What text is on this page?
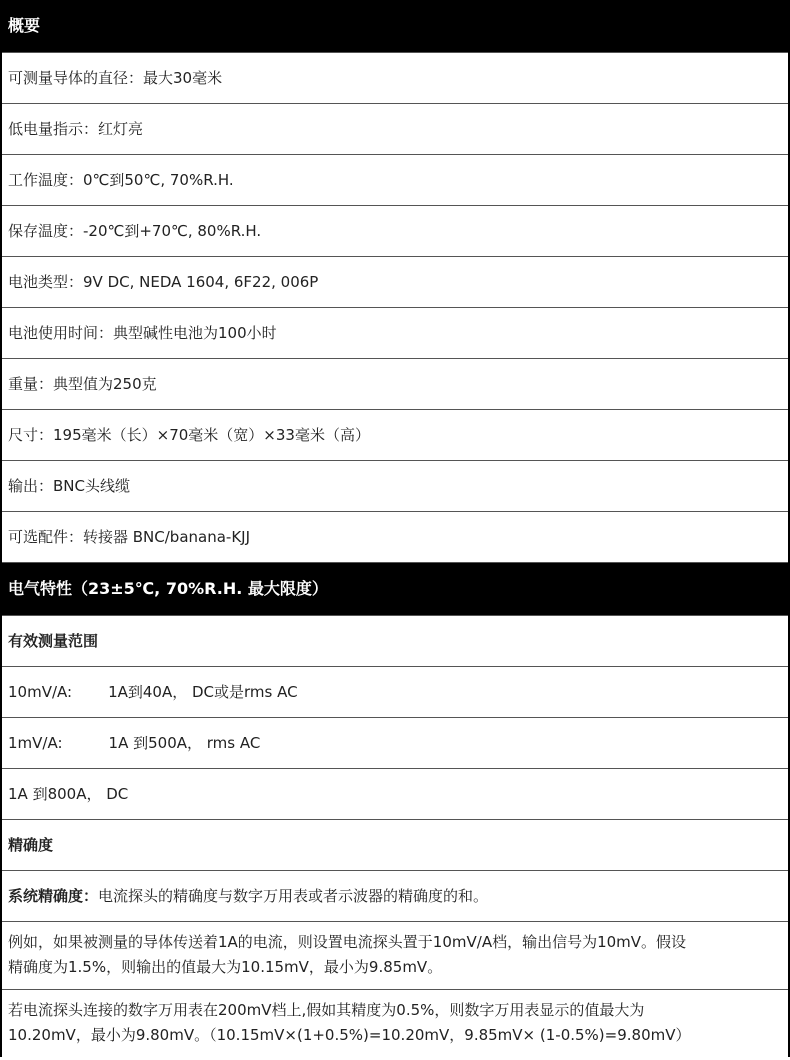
概要
可测量导体的直径：最大30毫米
低电量指示：红灯亮
工作温度：0℃到50℃, 70%R.H.
保存温度：-20℃到+70℃, 80%R.H.
电池类型：9V DC, NEDA 1604, 6F22, 006P
电池使用时间：典型碱性电池为100小时
重量：典型值为250克
尺寸：195毫米（长）×70毫米（宽）×33毫米（高）
输出：BNC头线缆
可选配件：转接器 BNC/banana-KJJ
电气特性（23±5℃, 70%R.H. 最大限度）
有效测量范围
10mV/A: 1A到40A， DC或是rms AC
1mV/A:	1A 到500A， rms AC
1A 到800A， DC
精确度
系统精确度：电流探头的精确度与数字万用表或者示波器的精确度的和。
例如，如果被测量的导体传送着1A的电流，则设置电流探头置于10mV/A档，输出信号为10mV。假设
精确度为1.5%，则输出的值最大为10.15mV，最小为9.85mV。
若电流探头连接的数字万用表在200mV档上,假如其精度为0.5%，则数字万用表显示的值最大为
10.20mV，最小为9.80mV。（10.15mV×(1+0.5%)=10.20mV，9.85mV× (1-0.5%)=9.80mV）
